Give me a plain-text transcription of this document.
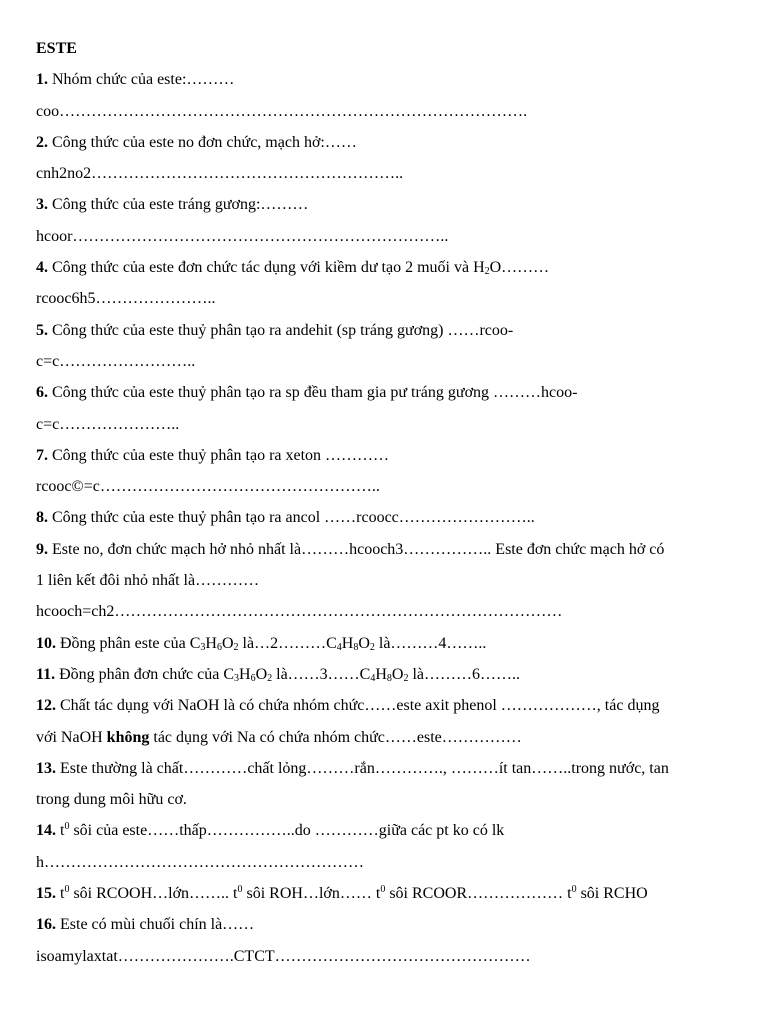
ESTE
1. Nhóm chức của este:………
coo…………………………………………………………………………….
2. Công thức của este no đơn chức, mạch hở:……
cnh2no2…………………………………………………..
3. Công thức của este tráng gương:………
hcoor……………………………………………………………..
4. Công thức của este đơn chức tác dụng với kiềm dư tạo 2 muối và $H_2O\dots\dots\dots$
rcooc6h5…………………..
5. Công thức của este thuỷ phân tạo ra andehit (sp tráng gương) ……rcoo-
c=c……………………..
6. Công thức của este thuỷ phân tạo ra sp đều tham gia pư tráng gương ………hcoo-
c=c…………………..
7. Công thức của este thuỷ phân tạo ra xeton …………
rcooc©=c……………………………………………..
8. Công thức của este thuỷ phân tạo ra ancol ……rcoocc……………………..
9. Este no, đơn chức mạch hở nhỏ nhất là………hcooch3…………….. Este đơn chức mạch hở có
1 liên kết đôi nhỏ nhất là…………
hcooch=ch2…………………………………………………………………………
10. Đồng phân este của $C_3H_6O_2$ $là\dots 2\dots\dots\dots C_4H_8O_2$ là………4……..
11. Đồng phân đơn chức của $C_3H_6O_2$ $là\dots\dots 3\dots\dots C_4H_8O_2$ là………6……..
12. Chất tác dụng với NaOH là có chứa nhóm chức……este axit phenol ………………, tác dụng
với NaOH không tác dụng với Na có chứa nhóm chức……este……………
13. Este thường là chất…………chất lỏng………rắn…………., ………ít tan……..trong nước, tan
trong dung môi hữu cơ.
14. $t^0$ sôi của este……thấp……………..do …………giữa các pt ko có lk
h……………………………………………………
15. $t^0$ sôi RCOOH…lớn…….. $t^0$ sôi ROH…lớn…… $t^0$ sôi RCOOR……………… $t^0$ sôi RCHO
16. Este có mùi chuối chín là……
isoamylaxtat………………….CTCT…………………………………………
